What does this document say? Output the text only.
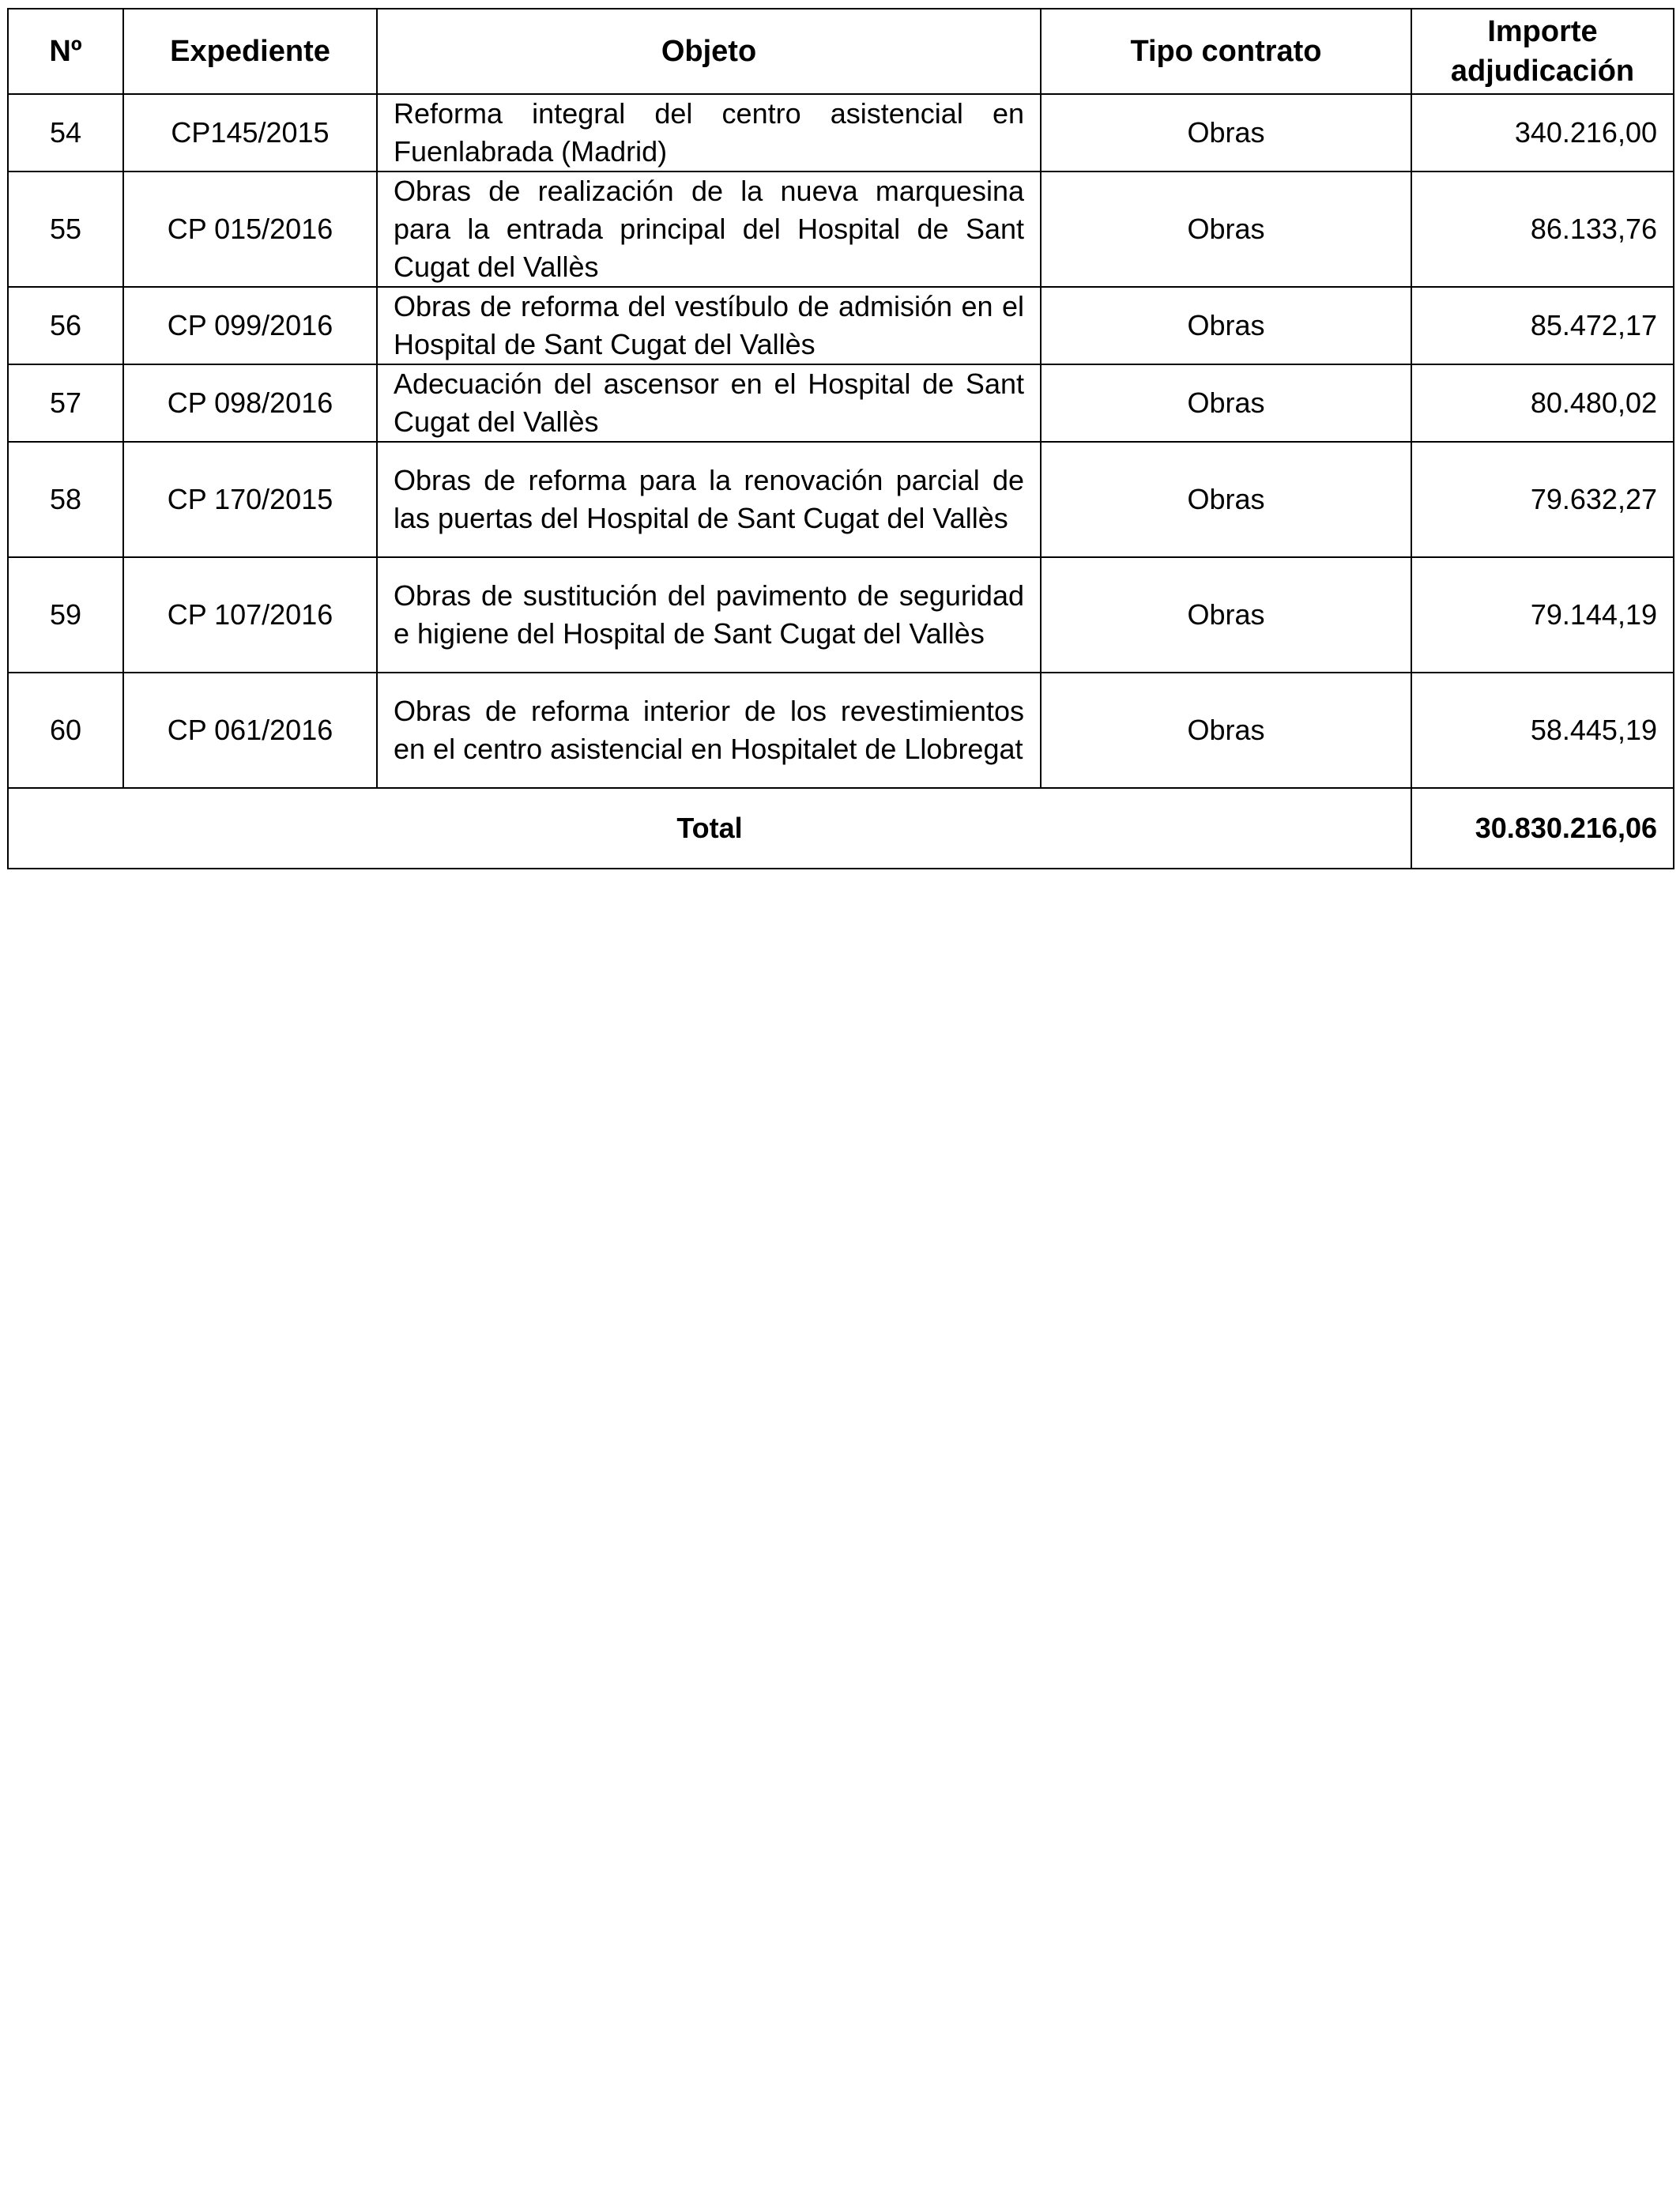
Nº	Expediente	Objeto	Tipo contrato	Importe adjudicación
54	CP145/2015	Reforma integral del centro asistencial en Fuenlabrada (Madrid)	Obras	340.216,00
55	CP 015/2016	Obras de realización de la nueva marquesina para la entrada principal del Hospital de Sant Cugat del Vallès	Obras	86.133,76
56	CP 099/2016	Obras de reforma del vestíbulo de admisión en el Hospital de Sant Cugat del Vallès	Obras	85.472,17
57	CP 098/2016	Adecuación del ascensor en el Hospital de Sant Cugat del Vallès	Obras	80.480,02
58	CP 170/2015	Obras de reforma para la renovación parcial de las puertas del Hospital de Sant Cugat del Vallès	Obras	79.632,27
59	CP 107/2016	Obras de sustitución del pavimento de seguridad e higiene del Hospital de Sant Cugat del Vallès	Obras	79.144,19
60	CP 061/2016	Obras de reforma interior de los revestimientos en el centro asistencial en Hospitalet de Llobregat	Obras	58.445,19
Total				30.830.216,06
